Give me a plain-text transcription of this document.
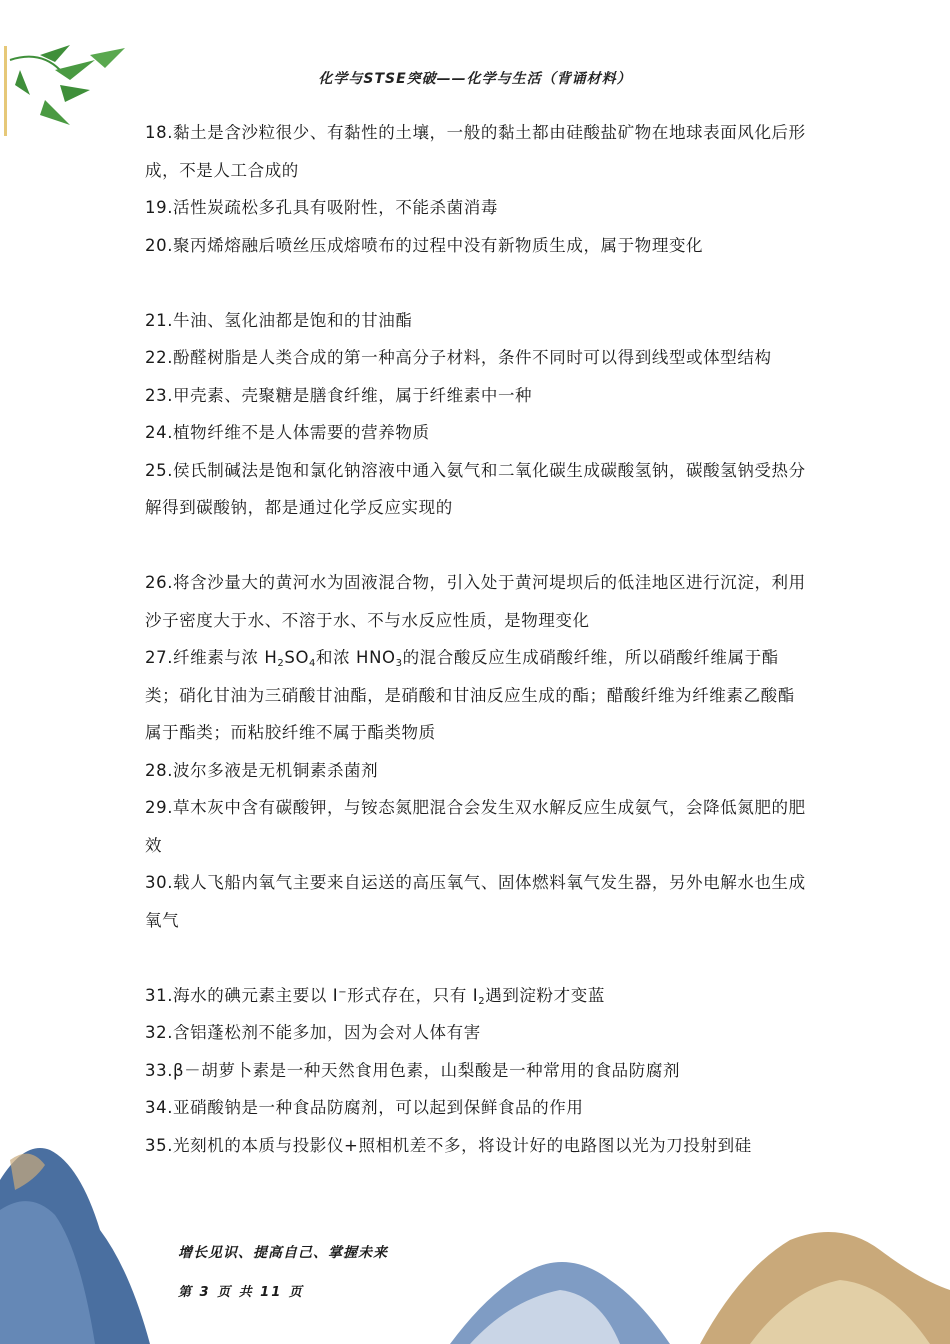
化学与STSE突破——化学与生活（背诵材料）

18.黏土是含沙粒很少、有黏性的土壤，一般的黏土都由硅酸盐矿物在地球表面风化后形成，不是人工合成的

19.活性炭疏松多孔具有吸附性，不能杀菌消毒

20.聚丙烯熔融后喷丝压成熔喷布的过程中没有新物质生成，属于物理变化

21.牛油、氢化油都是饱和的甘油酯

22.酚醛树脂是人类合成的第一种高分子材料，条件不同时可以得到线型或体型结构

23.甲壳素、壳聚糖是膳食纤维，属于纤维素中一种

24.植物纤维不是人体需要的营养物质

25.侯氏制碱法是饱和氯化钠溶液中通入氨气和二氧化碳生成碳酸氢钠，碳酸氢钠受热分解得到碳酸钠，都是通过化学反应实现的

26.将含沙量大的黄河水为固液混合物，引入处于黄河堤坝后的低洼地区进行沉淀，利用沙子密度大于水、不溶于水、不与水反应性质，是物理变化

27.纤维素与浓 $H_2SO_4$和浓 $HNO_3$的混合酸反应生成硝酸纤维，所以硝酸纤维属于酯类；硝化甘油为三硝酸甘油酯，是硝酸和甘油反应生成的酯；醋酸纤维为纤维素乙酸酯属于酯类；而粘胶纤维不属于酯类物质

28.波尔多液是无机铜素杀菌剂

29.草木灰中含有碳酸钾，与铵态氮肥混合会发生双水解反应生成氨气，会降低氮肥的肥效

30.载人飞船内氧气主要来自运送的高压氧气、固体燃料氧气发生器，另外电解水也生成氧气

31.海水的碘元素主要以 I−形式存在，只有 $I_2$遇到淀粉才变蓝

32.含铝蓬松剂不能多加，因为会对人体有害

33.β－胡萝卜素是一种天然食用色素，山梨酸是一种常用的食品防腐剂

34.亚硝酸钠是一种食品防腐剂，可以起到保鲜食品的作用

35.光刻机的本质与投影仪+照相机差不多，将设计好的电路图以光为刀投射到硅

增长见识、提高自己、掌握未来
第 3 页 共 11 页
